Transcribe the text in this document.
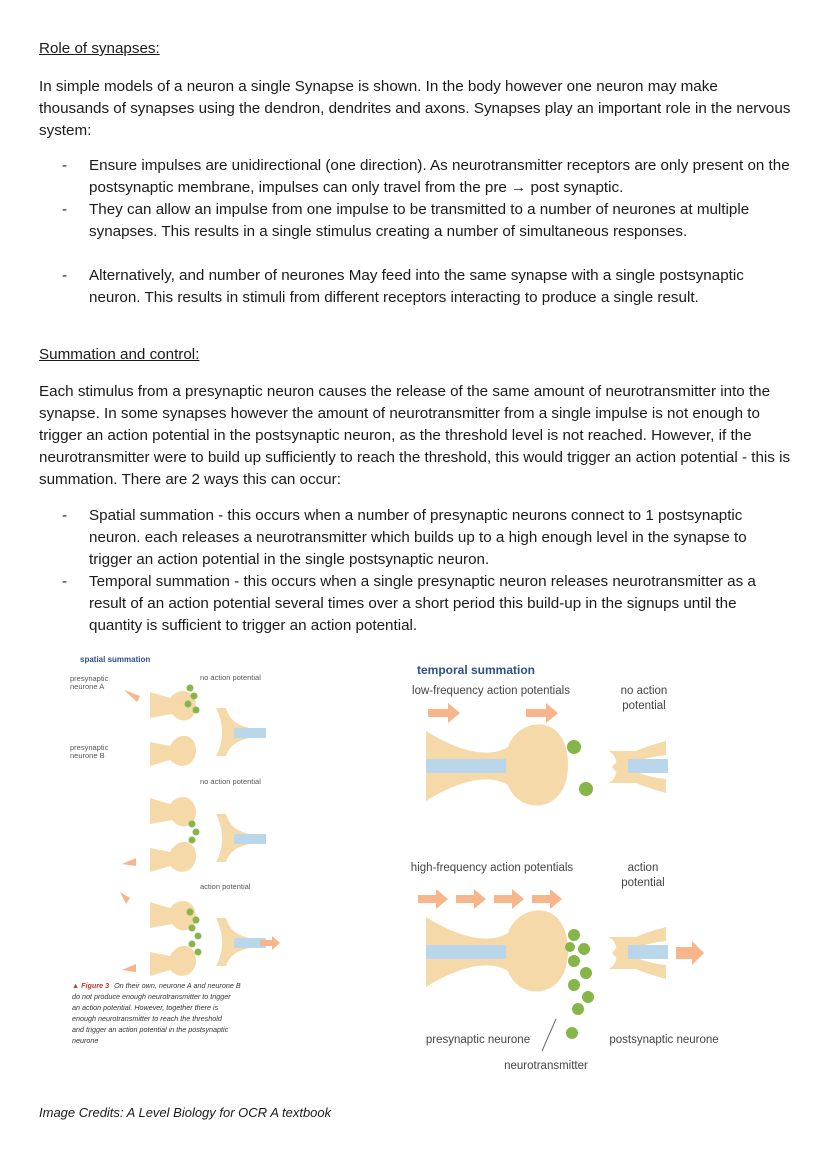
Role of synapses:
In simple models of a neuron a single Synapse is shown. In the body however one neuron may make thousands of synapses using the dendron, dendrites and axons. Synapses play an important role in the nervous system:
- Ensure impulses are unidirectional (one direction). As neurotransmitter receptors are only present on the postsynaptic membrane, impulses can only travel from the pre → post synaptic.
- They can allow an impulse from one impulse to be transmitted to a number of neurones at multiple synapses. This results in a single stimulus creating a number of simultaneous responses.
- Alternatively, and number of neurones May feed into the same synapse with a single postsynaptic neuron. This results in stimuli from different receptors interacting to produce a single result.
Summation and control:
Each stimulus from a presynaptic neuron causes the release of the same amount of neurotransmitter into the synapse. In some synapses however the amount of neurotransmitter from a single impulse is not enough to trigger an action potential in the postsynaptic neuron, as the threshold level is not reached. However, if the neurotransmitter were to build up sufficiently to reach the threshold, this would trigger an action potential - this is summation. There are 2 ways this can occur:
- Spatial summation - this occurs when a number of presynaptic neurons connect to 1 postsynaptic neuron. each releases a neurotransmitter which builds up to a high enough level in the synapse to trigger an action potential in the single postsynaptic neuron.
- Temporal summation - this occurs when a single presynaptic neuron releases neurotransmitter as a result of an action potential several times over a short period this build-up in the signups until the quantity is sufficient to trigger an action potential.
spatial summation
presynaptic
neurone A
presynaptic
neurone B
no action potential
no action potential
action potential
▲ Figure 3 On their own, neurone A and neurone B
do not produce enough neurotransmitter to trigger
an action potential. However, together there is
enough neurotransmitter to reach the threshold
and trigger an action potential in the postsynaptic
neurone
temporal summation
low-frequency action potentials	no action
potential
high-frequency action potentials	action
potential
presynaptic neurone	postsynaptic neurone
neurotransmitter
Image Credits: A Level Biology for OCR A textbook
